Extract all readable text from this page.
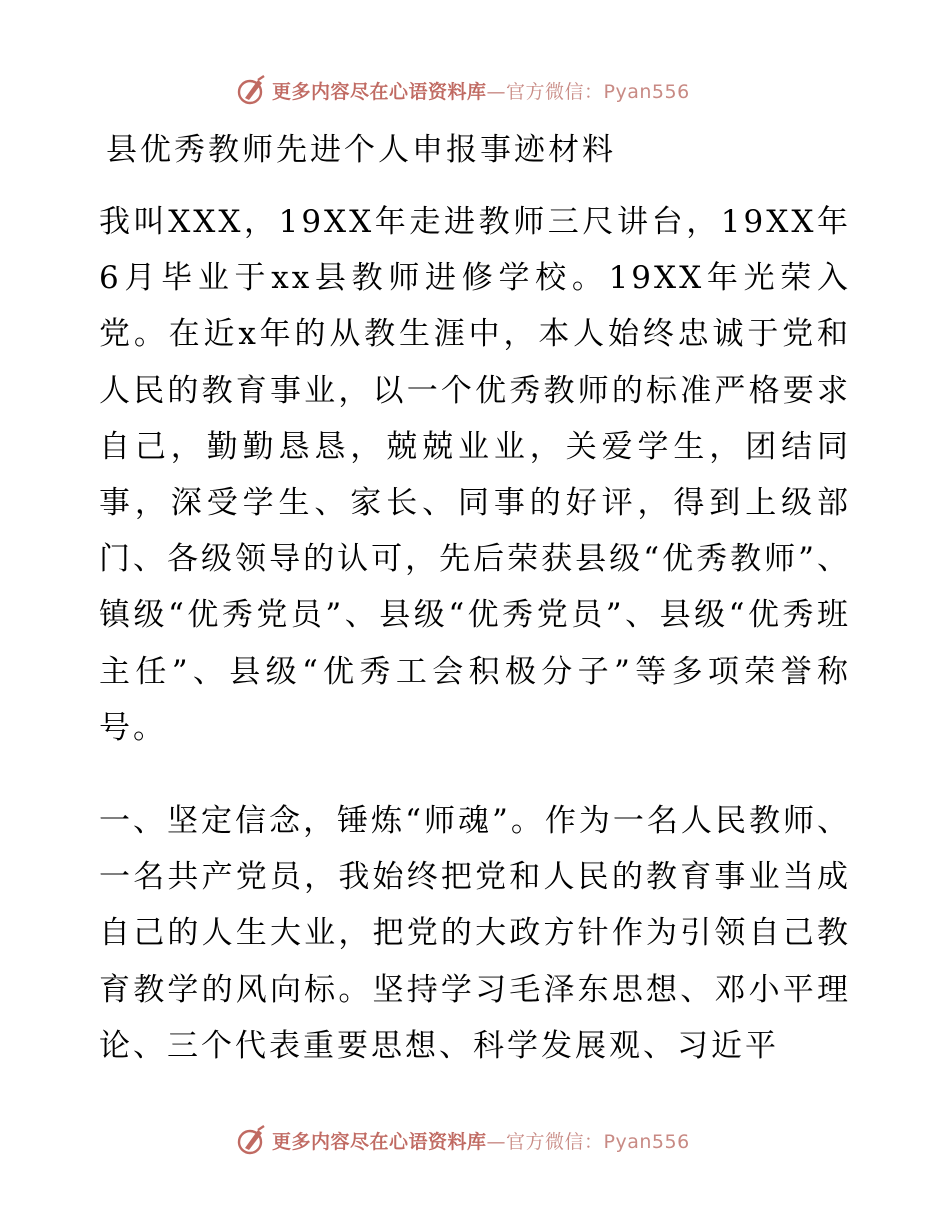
更多内容尽在心语资料库—官方微信：Pyan556
县优秀教师先进个人申报事迹材料

我叫XXX，19XX年走进教师三尺讲台，19XX年6月毕业于xx县教师进修学校。19XX年光荣入党。在近x年的从教生涯中，本人始终忠诚于党和人民的教育事业，以一个优秀教师的标准严格要求自己，勤勤恳恳，兢兢业业，关爱学生，团结同事，深受学生、家长、同事的好评，得到上级部门、各级领导的认可，先后荣获县级“优秀教师”、镇级“优秀党员”、县级“优秀党员”、县级“优秀班主任”、县级“优秀工会积极分子”等多项荣誉称号。

一、坚定信念，锤炼“师魂”。作为一名人民教师、一名共产党员，我始终把党和人民的教育事业当成自己的人生大业，把党的大政方针作为引领自己教育教学的风向标。坚持学习毛泽东思想、邓小平理论、三个代表重要思想、科学发展观、习近平

更多内容尽在心语资料库—官方微信：Pyan556
